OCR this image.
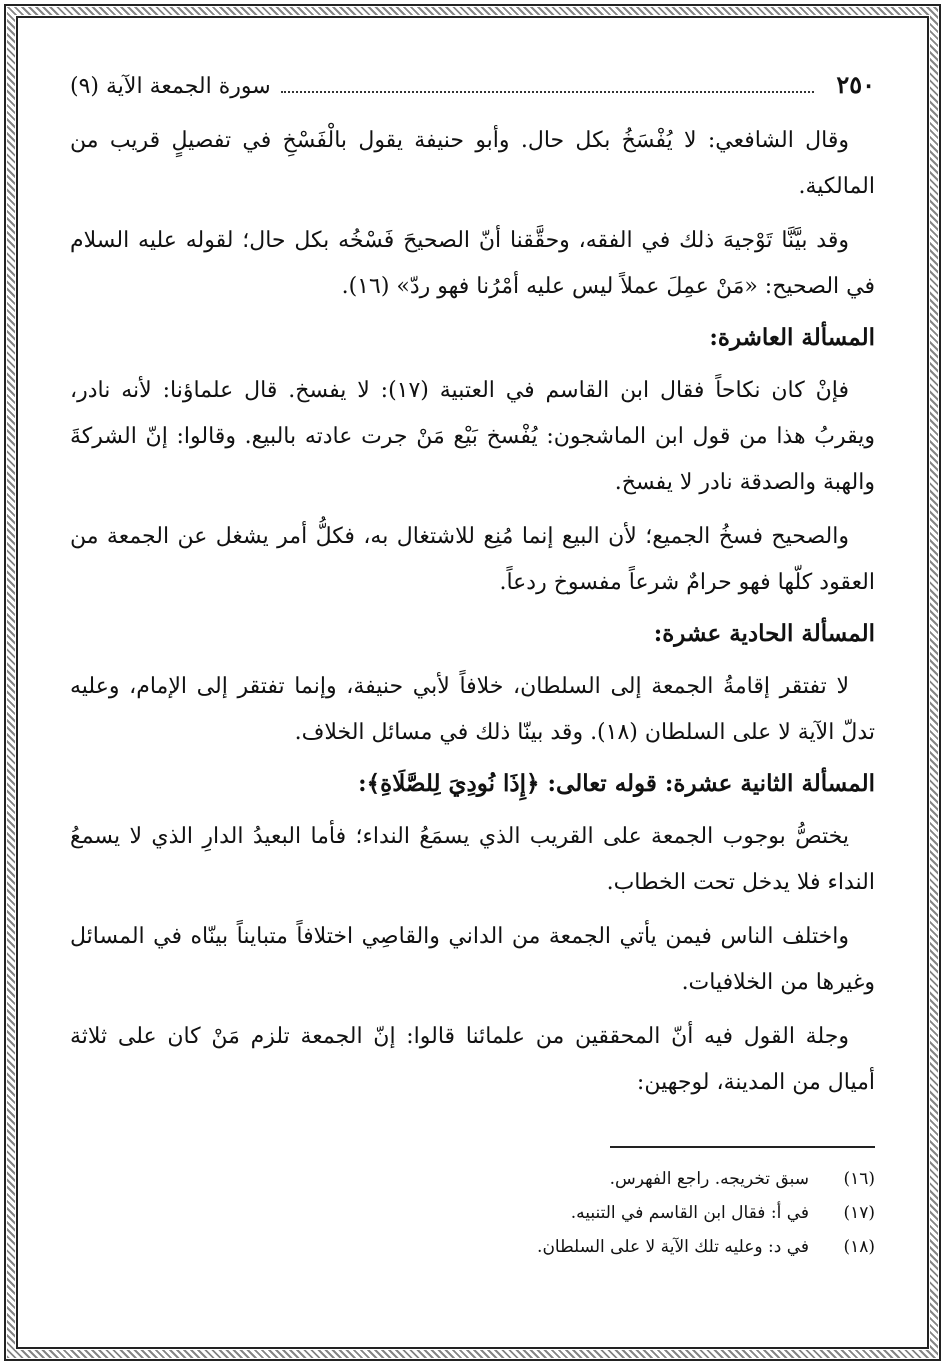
٢٥٠
سورة الجمعة الآية (٩)

وقال الشافعي: لا يُفْسَخُ بكل حال. وأبو حنيفة يقول بالْفَسْخِ في تفصيلٍ قريب من المالكية.

وقد بيَّنَّا تَوْجيهَ ذلك في الفقه، وحقَّقنا أنّ الصحيحَ فَسْخُه بكل حال؛ لقوله عليه السلام في الصحيح: «مَنْ عمِلَ عملاً ليس عليه أمْرُنا فهو ردّ» (١٦).

المسألة العاشرة:

فإنْ كان نكاحاً فقال ابن القاسم في العتبية (١٧): لا يفسخ. قال علماؤنا: لأنه نادر، ويقربُ هذا من قول ابن الماشجون: يُفْسخ بَيْع مَنْ جرت عادته بالبيع. وقالوا: إنّ الشركةَ والهبة والصدقة نادر لا يفسخ.

والصحيح فسخُ الجميع؛ لأن البيع إنما مُنِع للاشتغال به، فكلُّ أمر يشغل عن الجمعة من العقود كلّها فهو حرامٌ شرعاً مفسوخ ردعاً.

المسألة الحادية عشرة:

لا تفتقر إقامةُ الجمعة إلى السلطان، خلافاً لأبي حنيفة، وإنما تفتقر إلى الإمام، وعليه تدلّ الآية لا على السلطان (١٨). وقد بينّا ذلك في مسائل الخلاف.

المسألة الثانية عشرة: قوله تعالى: ﴿إِذَا نُودِيَ لِلصَّلَاةِ﴾:

يختصُّ بوجوب الجمعة على القريب الذي يسمَعُ النداء؛ فأما البعيدُ الدارِ الذي لا يسمعُ النداء فلا يدخل تحت الخطاب.

واختلف الناس فيمن يأتي الجمعة من الداني والقاصِي اختلافاً متبايناً بينّاه في المسائل وغيرها من الخلافيات.

وجلة القول فيه أنّ المحققين من علمائنا قالوا: إنّ الجمعة تلزم مَنْ كان على ثلاثة أميال من المدينة، لوجهين:

(١٦)
سبق تخريجه. راجع الفهرس.
(١٧)
في أ: فقال ابن القاسم في التنبيه.
(١٨)
في د: وعليه تلك الآية لا على السلطان.
